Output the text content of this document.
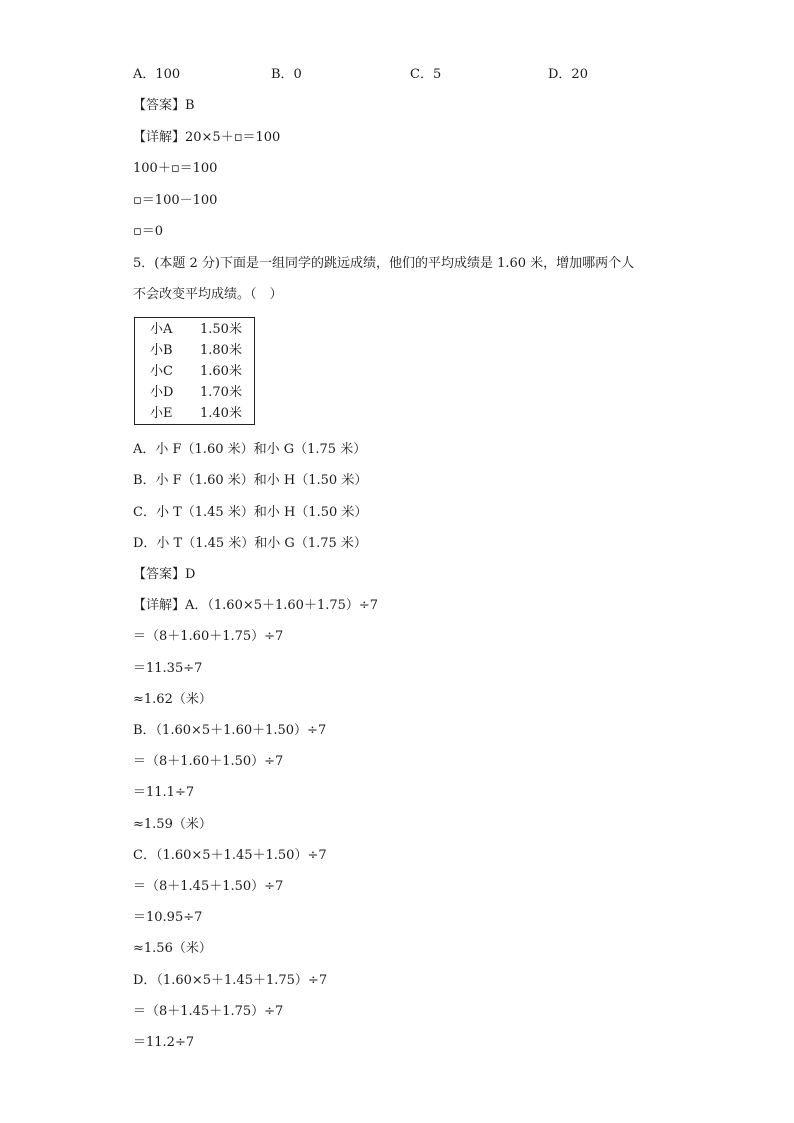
A．100	B．0	C．5	D．20
【答案】B
【详解】20×5＋▫＝100
100＋▫＝100
▫＝100－100
▫＝0
5．(本题 2 分)下面是一组同学的跳远成绩，他们的平均成绩是 1.60 米，增加哪两个人
不会改变平均成绩。（　）
小A 1.50米
小B 1.80米
小C 1.60米
小D 1.70米
小E 1.40米
A．小 F（1.60 米）和小 G（1.75 米）
B．小 F（1.60 米）和小 H（1.50 米）
C．小 T（1.45 米）和小 H（1.50 米）
D．小 T（1.45 米）和小 G（1.75 米）
【答案】D
【详解】A．（1.60×5＋1.60＋1.75）÷7
＝（8＋1.60＋1.75）÷7
＝11.35÷7
≈1.62（米）
B．（1.60×5＋1.60＋1.50）÷7
＝（8＋1.60＋1.50）÷7
＝11.1÷7
≈1.59（米）
C．（1.60×5＋1.45＋1.50）÷7
＝（8＋1.45＋1.50）÷7
＝10.95÷7
≈1.56（米）
D．（1.60×5＋1.45＋1.75）÷7
＝（8＋1.45＋1.75）÷7
＝11.2÷7
